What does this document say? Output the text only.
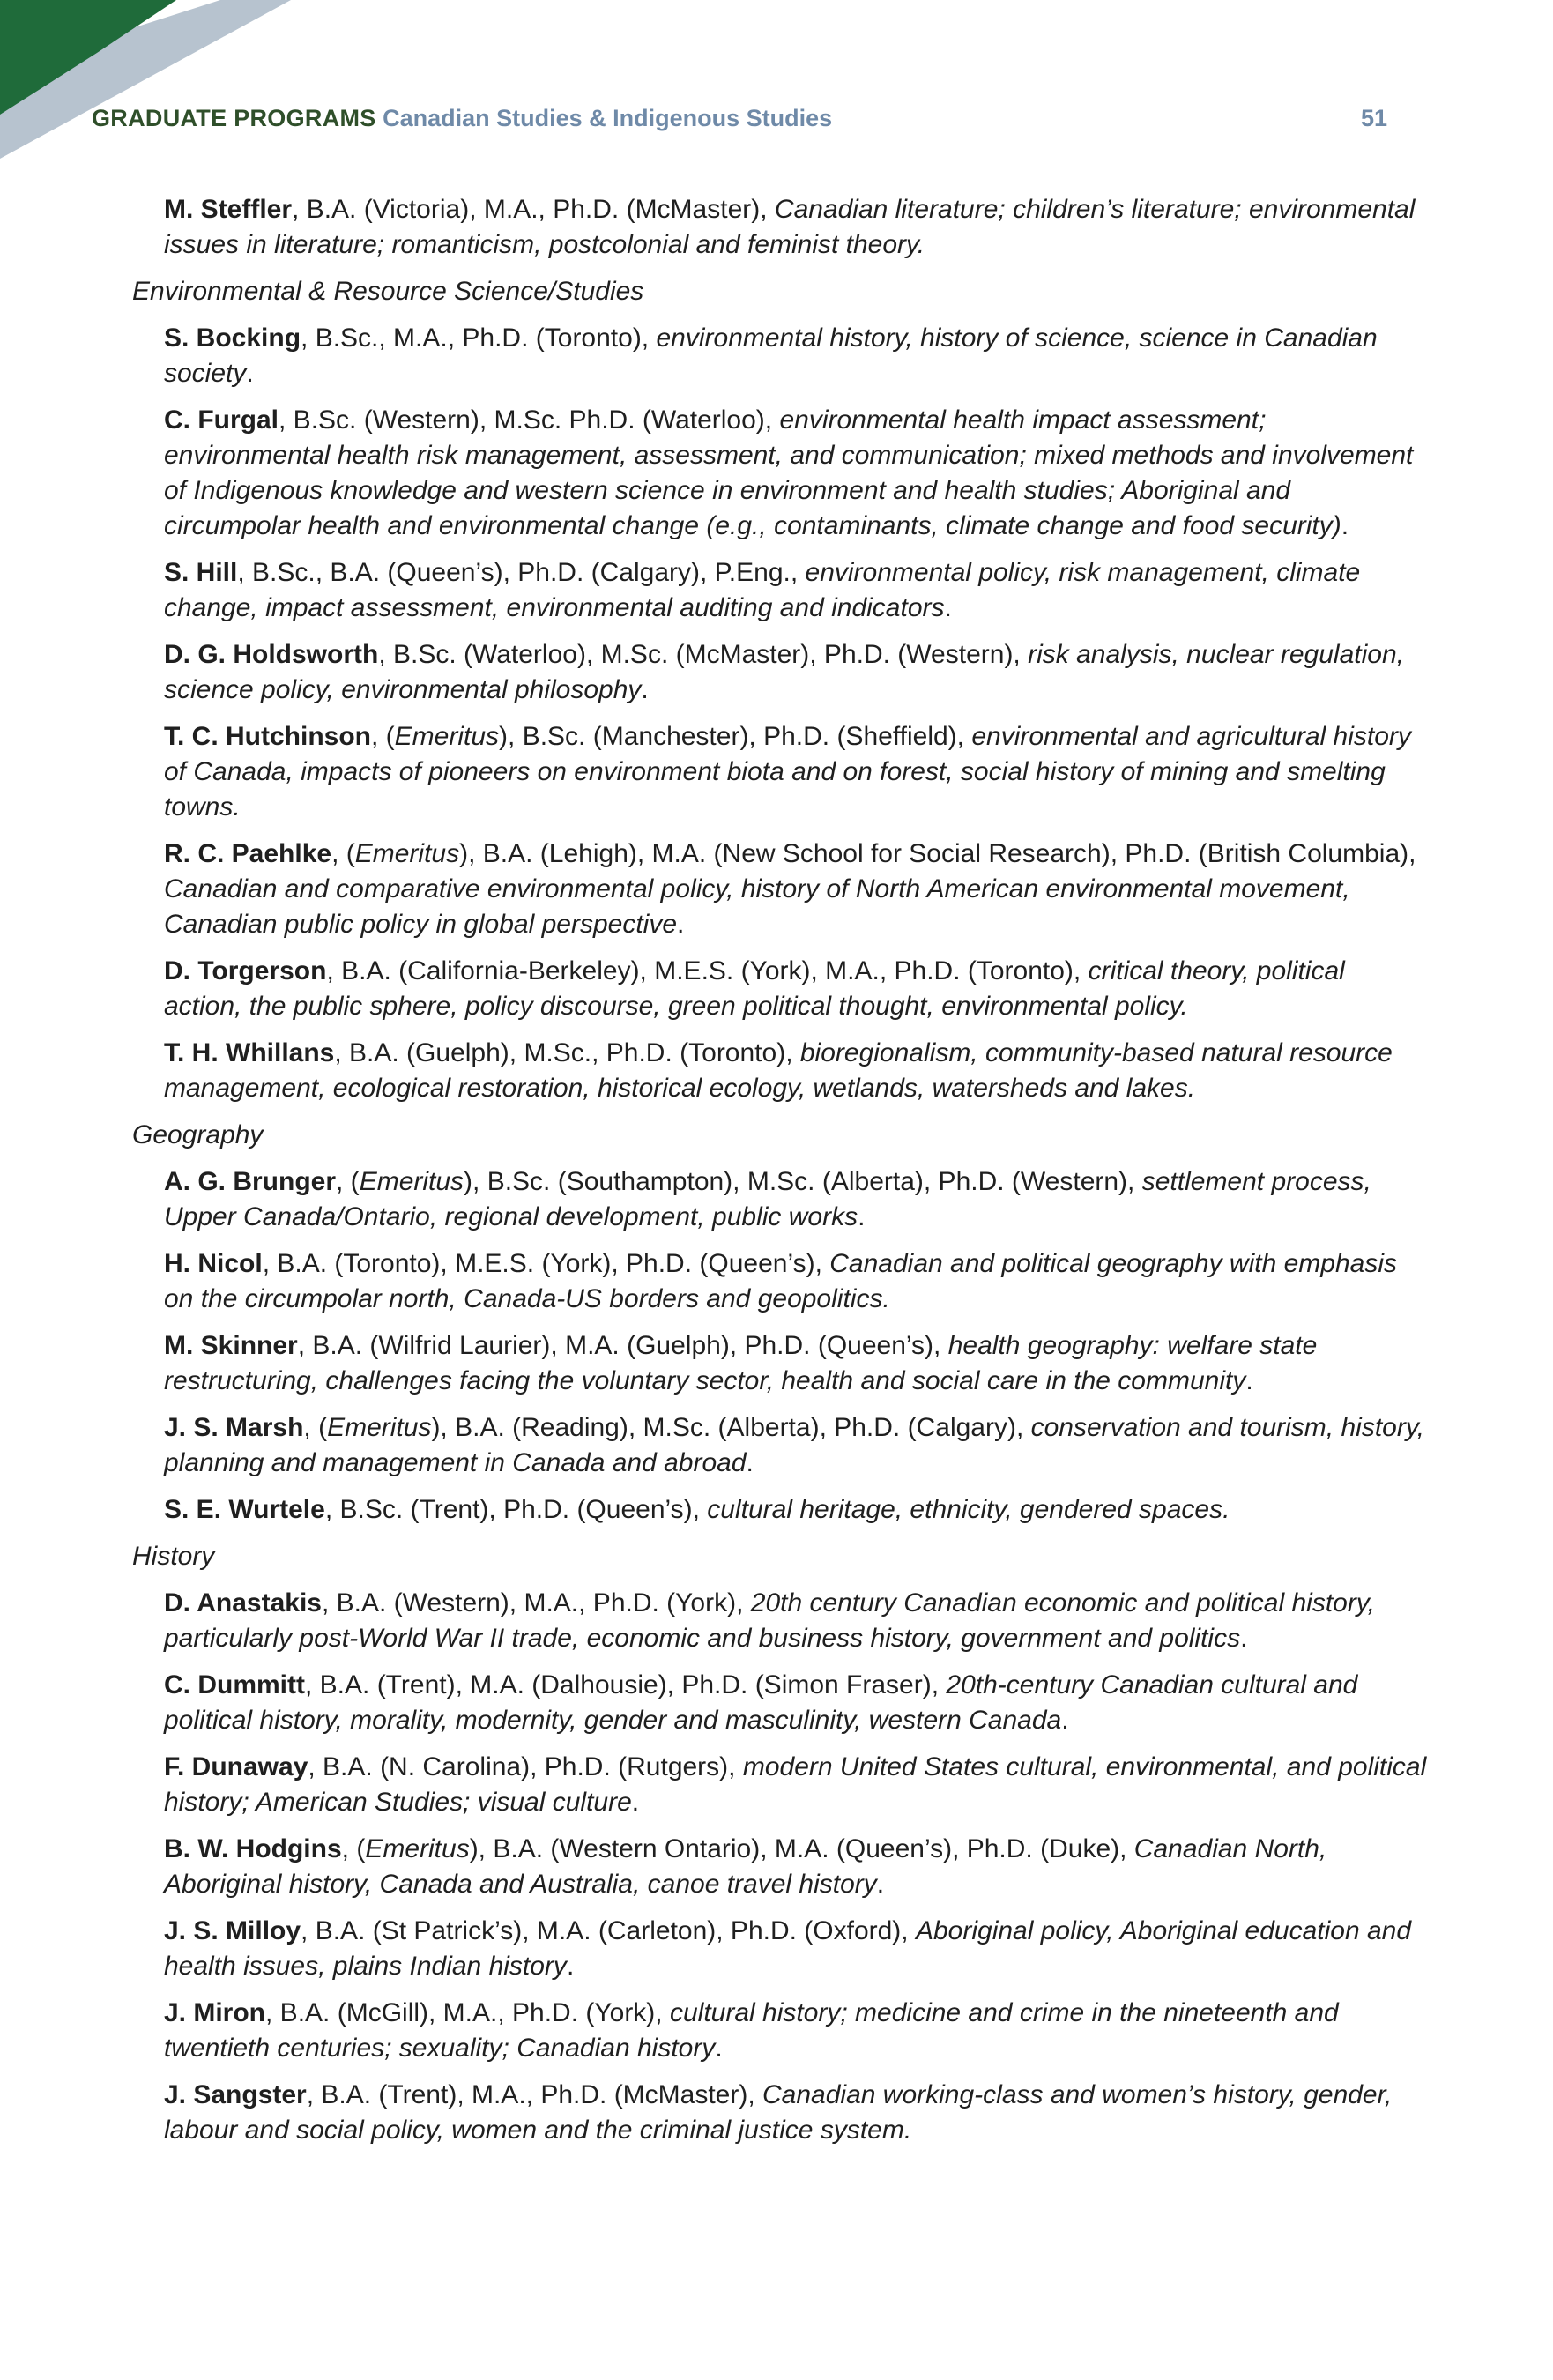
GRADUATE PROGRAMS Canadian Studies & Indigenous Studies	51
M. Steffler, B.A. (Victoria), M.A., Ph.D. (McMaster), Canadian literature; children’s literature; environmental issues in literature; romanticism, postcolonial and feminist theory.
Environmental & Resource Science/Studies
S. Bocking, B.Sc., M.A., Ph.D. (Toronto), environmental history, history of science, science in Canadian society.
C. Furgal, B.Sc. (Western), M.Sc. Ph.D. (Waterloo), environmental health impact assessment; environmental health risk management, assessment, and communication; mixed methods and involvement of Indigenous knowledge and western science in environment and health studies; Aboriginal and circumpolar health and environmental change (e.g., contaminants, climate change and food security).
S. Hill, B.Sc., B.A. (Queen’s), Ph.D. (Calgary), P.Eng., environmental policy, risk management, climate change, impact assessment, environmental auditing and indicators.
D. G. Holdsworth, B.Sc. (Waterloo), M.Sc. (McMaster), Ph.D. (Western), risk analysis, nuclear regulation, science policy, environmental philosophy.
T. C. Hutchinson, (Emeritus), B.Sc. (Manchester), Ph.D. (Sheffield), environmental and agricultural history of Canada, impacts of pioneers on environment biota and on forest, social history of mining and smelting towns.
R. C. Paehlke, (Emeritus), B.A. (Lehigh), M.A. (New School for Social Research), Ph.D. (British Columbia), Canadian and comparative environmental policy, history of North American environmental movement, Canadian public policy in global perspective.
D. Torgerson, B.A. (California-Berkeley), M.E.S. (York), M.A., Ph.D. (Toronto), critical theory, political action, the public sphere, policy discourse, green political thought, environmental policy.
T. H. Whillans, B.A. (Guelph), M.Sc., Ph.D. (Toronto), bioregionalism, community-based natural resource management, ecological restoration, historical ecology, wetlands, watersheds and lakes.
Geography
A. G. Brunger, (Emeritus), B.Sc. (Southampton), M.Sc. (Alberta), Ph.D. (Western), settlement process, Upper Canada/Ontario, regional development, public works.
H. Nicol, B.A. (Toronto), M.E.S. (York), Ph.D. (Queen’s), Canadian and political geography with emphasis on the circumpolar north, Canada-US borders and geopolitics.
M. Skinner, B.A. (Wilfrid Laurier), M.A. (Guelph), Ph.D. (Queen’s), health geography: welfare state restructuring, challenges facing the voluntary sector, health and social care in the community.
J. S. Marsh, (Emeritus), B.A. (Reading), M.Sc. (Alberta), Ph.D. (Calgary), conservation and tourism, history, planning and management in Canada and abroad.
S. E. Wurtele, B.Sc. (Trent), Ph.D. (Queen’s), cultural heritage, ethnicity, gendered spaces.
History
D. Anastakis, B.A. (Western), M.A., Ph.D. (York), 20th century Canadian economic and political history, particularly post-World War II trade, economic and business history, government and politics.
C. Dummitt, B.A. (Trent), M.A. (Dalhousie), Ph.D. (Simon Fraser), 20th-century Canadian cultural and political history, morality, modernity, gender and masculinity, western Canada.
F. Dunaway, B.A. (N. Carolina), Ph.D. (Rutgers), modern United States cultural, environmental, and political history; American Studies; visual culture.
B. W. Hodgins, (Emeritus), B.A. (Western Ontario), M.A. (Queen’s), Ph.D. (Duke), Canadian North, Aboriginal history, Canada and Australia, canoe travel history.
J. S. Milloy, B.A. (St Patrick’s), M.A. (Carleton), Ph.D. (Oxford), Aboriginal policy, Aboriginal education and health issues, plains Indian history.
J. Miron, B.A. (McGill), M.A., Ph.D. (York), cultural history; medicine and crime in the nineteenth and twentieth centuries; sexuality; Canadian history.
J. Sangster, B.A. (Trent), M.A., Ph.D. (McMaster), Canadian working-class and women’s history, gender, labour and social policy, women and the criminal justice system.
